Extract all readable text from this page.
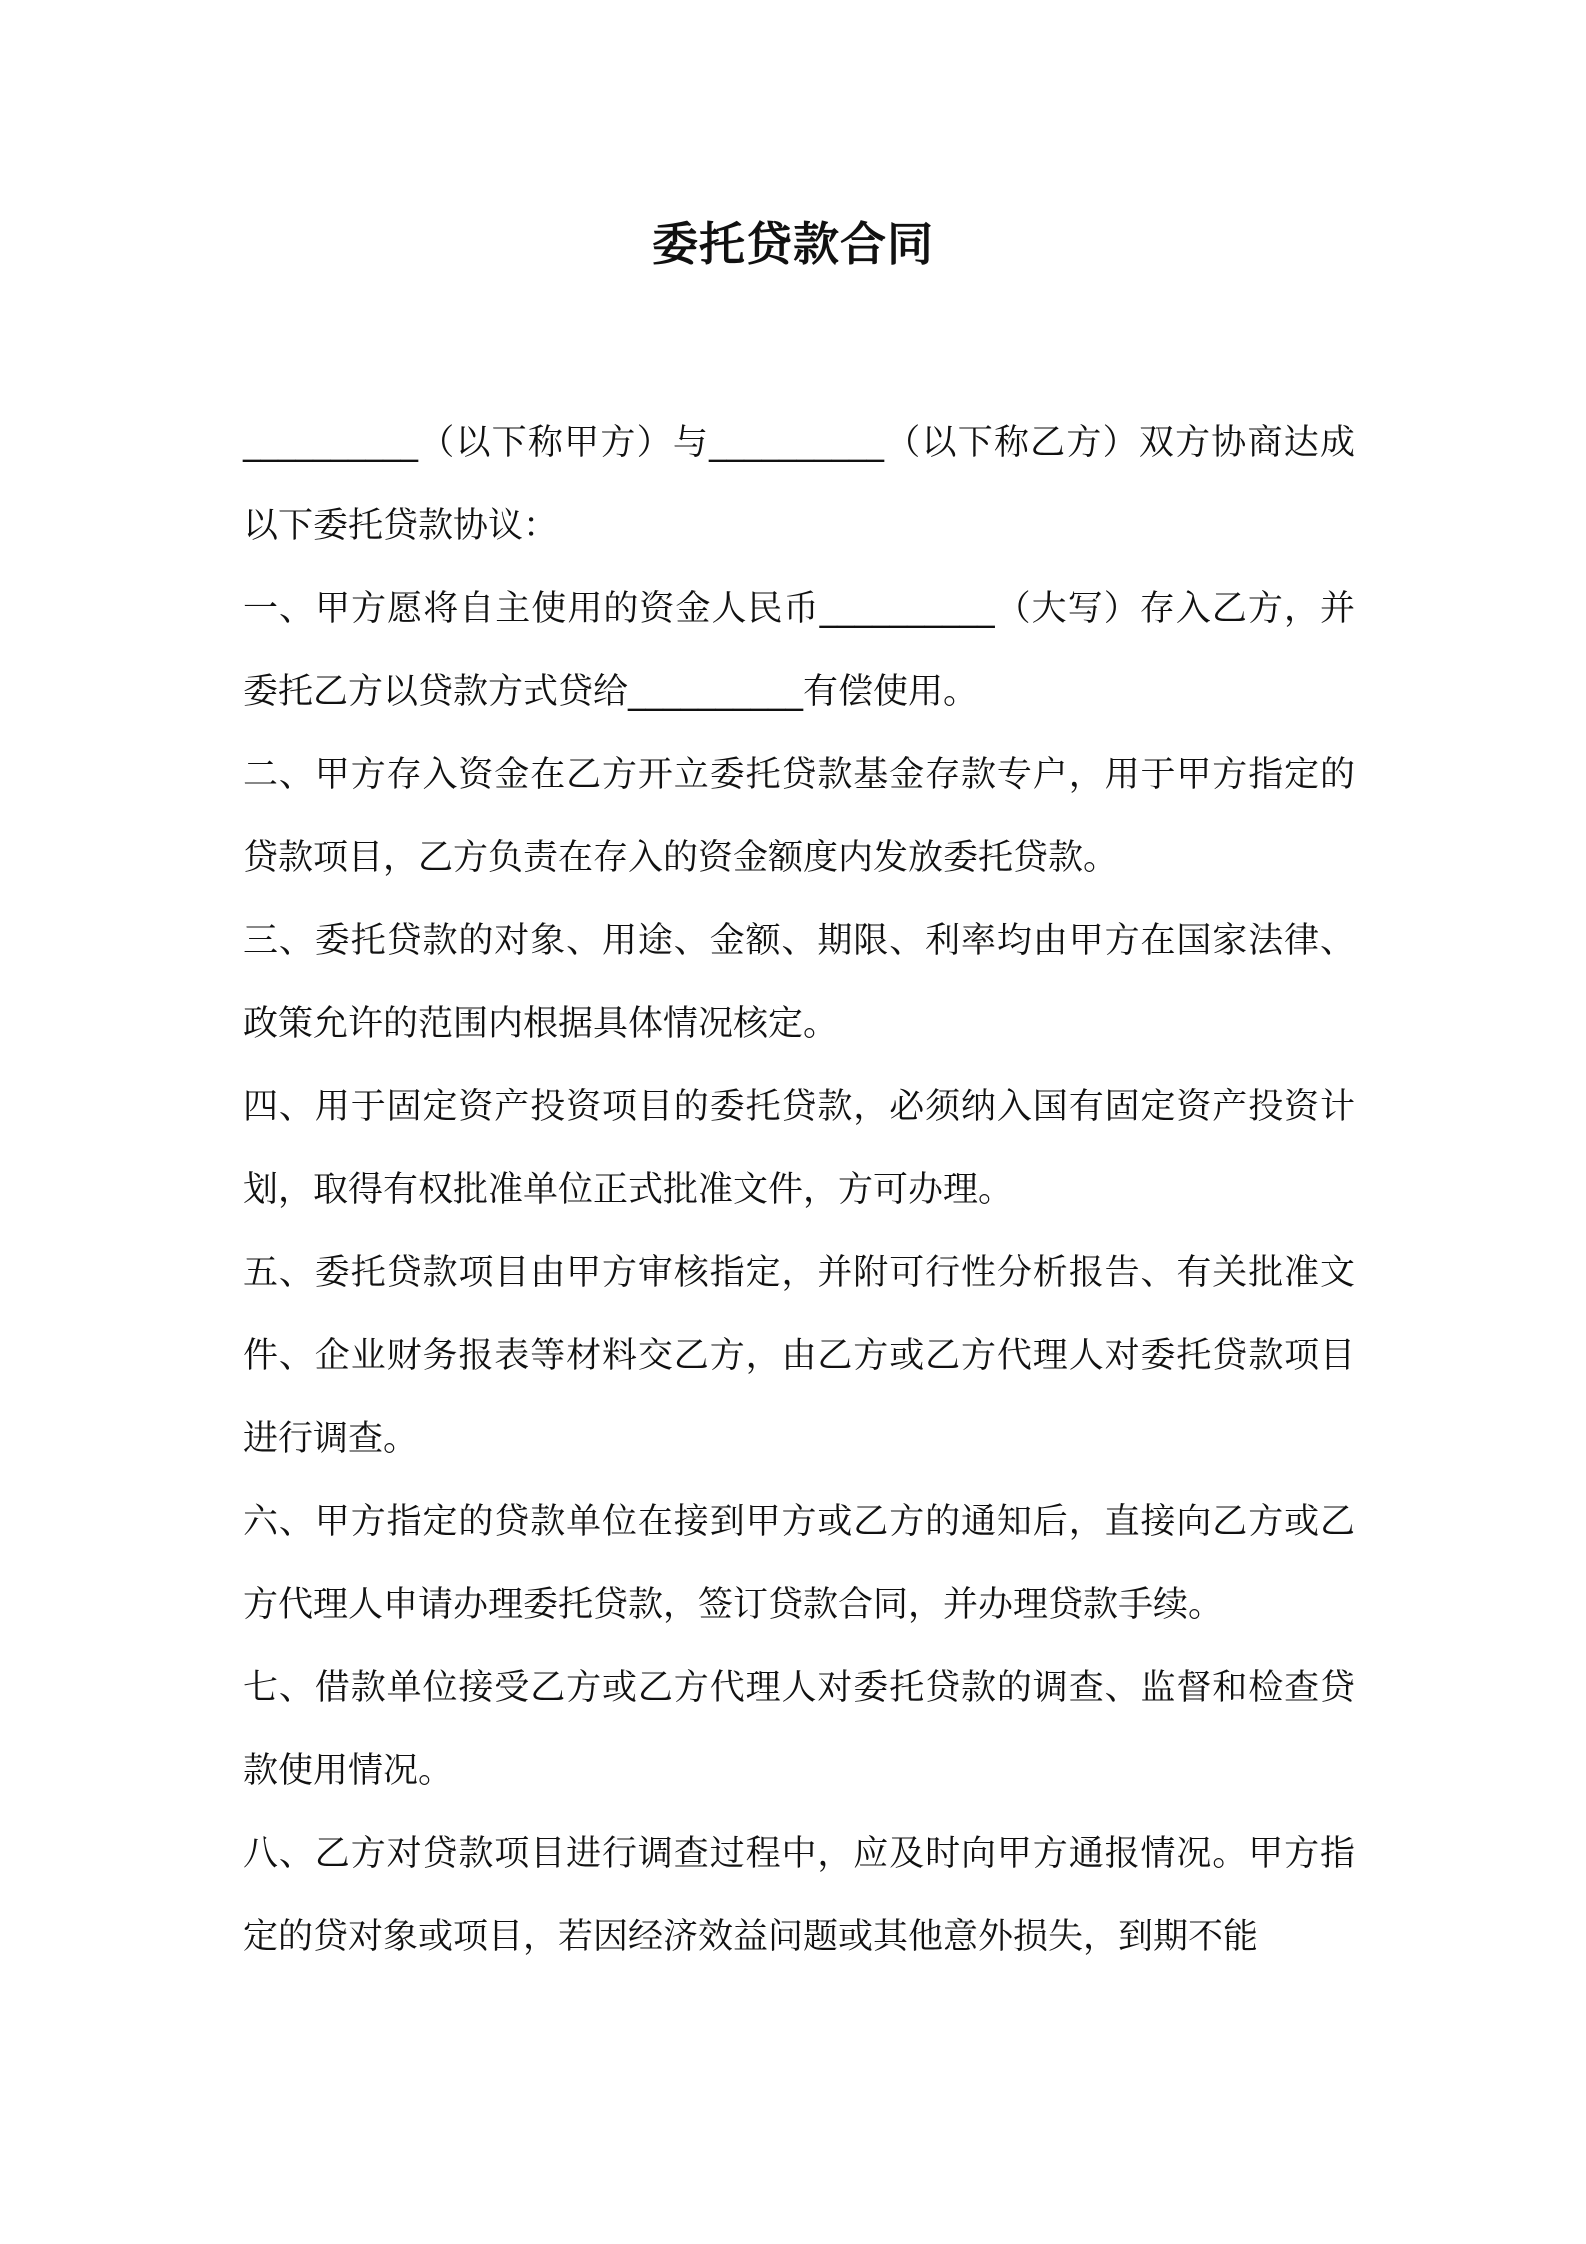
委托贷款合同

__________（以下称甲方）与__________（以下称乙方）双方协商达成以下委托贷款协议：

一、甲方愿将自主使用的资金人民币__________（大写）存入乙方，并委托乙方以贷款方式贷给__________有偿使用。

二、甲方存入资金在乙方开立委托贷款基金存款专户，用于甲方指定的贷款项目，乙方负责在存入的资金额度内发放委托贷款。

三、委托贷款的对象、用途、金额、期限、利率均由甲方在国家法律、政策允许的范围内根据具体情况核定。

四、用于固定资产投资项目的委托贷款，必须纳入国有固定资产投资计划，取得有权批准单位正式批准文件，方可办理。

五、委托贷款项目由甲方审核指定，并附可行性分析报告、有关批准文件、企业财务报表等材料交乙方，由乙方或乙方代理人对委托贷款项目进行调查。

六、甲方指定的贷款单位在接到甲方或乙方的通知后，直接向乙方或乙方代理人申请办理委托贷款，签订贷款合同，并办理贷款手续。

七、借款单位接受乙方或乙方代理人对委托贷款的调查、监督和检查贷款使用情况。

八、乙方对贷款项目进行调查过程中，应及时向甲方通报情况。甲方指定的贷对象或项目，若因经济效益问题或其他意外损失，到期不能
